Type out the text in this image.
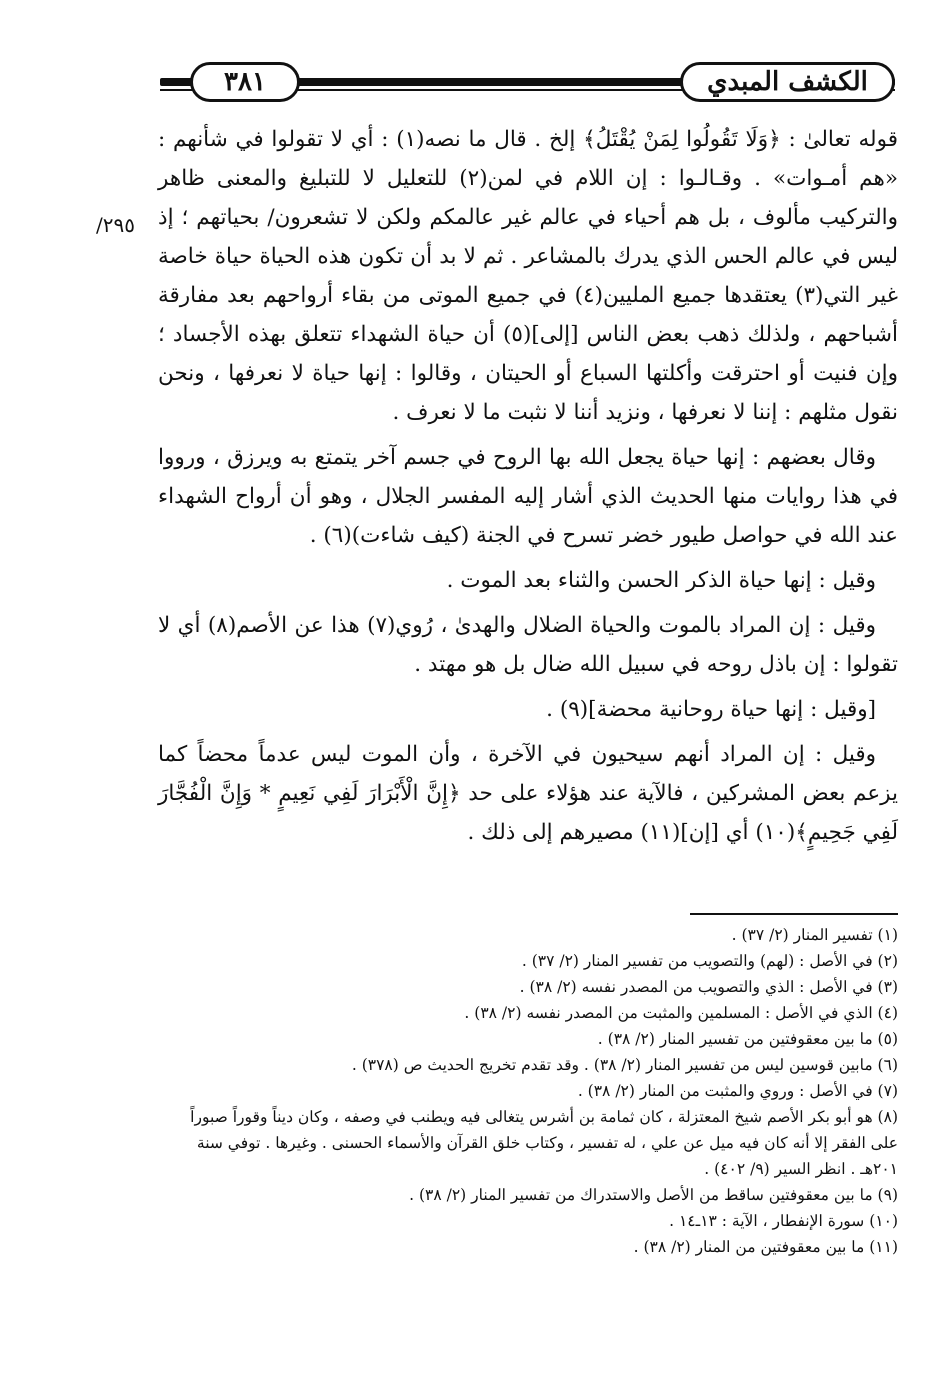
٣٨١	الكشف المبدي
٢٩٥/

قوله تعالىٰ : ﴿وَلَا تَقُولُوا لِمَنْ يُقْتَلُ﴾ إلخ . قال ما نصه(١) : أي لا تقولوا في شأنهم : «هم أمـوات» . وقـالـوا : إن اللام في لمن(٢) للتعليل لا للتبليغ والمعنى ظاهر والتركيب مألوف ، بل هم أحياء في عالم غير عالمكم ولكن لا تشعرون/ بحياتهم ؛ إذ ليس في عالم الحس الذي يدرك بالمشاعر . ثم لا بد أن تكون هذه الحياة حياة خاصة غير التي(٣) يعتقدها جميع المليين(٤) في جميع الموتى من بقاء أرواحهم بعد مفارقة أشباحهم ، ولذلك ذهب بعض الناس [إلى](٥) أن حياة الشهداء تتعلق بهذه الأجساد ؛ وإن فنيت أو احترقت وأكلتها السباع أو الحيتان ، وقالوا : إنها حياة لا نعرفها ، ونحن نقول مثلهم : إننا لا نعرفها ، ونزيد أننا لا نثبت ما لا نعرف .

وقال بعضهم : إنها حياة يجعل الله بها الروح في جسم آخر يتمتع به ويرزق ، ورووا في هذا روايات منها الحديث الذي أشار إليه المفسر الجلال ، وهو أن أرواح الشهداء عند الله في حواصل طيور خضر تسرح في الجنة (كيف شاءت)(٦) .

وقيل : إنها حياة الذكر الحسن والثناء بعد الموت .

وقيل : إن المراد بالموت والحياة الضلال والهدىٰ ، رُوي(٧) هذا عن الأصم(٨) أي لا تقولوا : إن باذل روحه في سبيل الله ضال بل هو مهتد .

[وقيل : إنها حياة روحانية محضة](٩) .

وقيل : إن المراد أنهم سيحيون في الآخرة ، وأن الموت ليس عدماً محضاً كما يزعم بعض المشركين ، فالآية عند هؤلاء على حد ﴿إِنَّ الْأَبْرَارَ لَفِي نَعِيمٍ * وَإِنَّ الْفُجَّارَ لَفِي جَحِيمٍ﴾(١٠) أي [إن](١١) مصيرهم إلى ذلك .

(١) تفسير المنار (٢/ ٣٧) .

(٢) في الأصل : (لهم) والتصويب من تفسير المنار (٢/ ٣٧) .

(٣) في الأصل : الذي والتصويب من المصدر نفسه (٢/ ٣٨) .

(٤) الذي في الأصل : المسلمين والمثبت من المصدر نفسه (٢/ ٣٨) .

(٥) ما بين معقوفتين من تفسير المنار (٢/ ٣٨) .

(٦) مابين قوسين ليس من تفسير المنار (٢/ ٣٨) . وقد تقدم تخريج الحديث ص (٣٧٨) .

(٧) في الأصل : وروي والمثبت من المنار (٢/ ٣٨) .

(٨) هو أبو بكر الأصم شيخ المعتزلة ، كان ثمامة بن أشرس يتغالى فيه ويطنب في وصفه ، وكان ديناً وقوراً صبوراً على الفقر إلا أنه كان فيه ميل عن علي ، له تفسير ، وكتاب خلق القرآن والأسماء الحسنى . وغيرها . توفي سنة ٢٠١هـ . انظر السير (٩/ ٤٠٢) .

(٩) ما بين معقوفتين ساقط من الأصل والاستدراك من تفسير المنار (٢/ ٣٨) .

(١٠) سورة الإنفطار ، الآية : ١٣ـ١٤ .

(١١) ما بين معقوفتين من المنار (٢/ ٣٨) .
